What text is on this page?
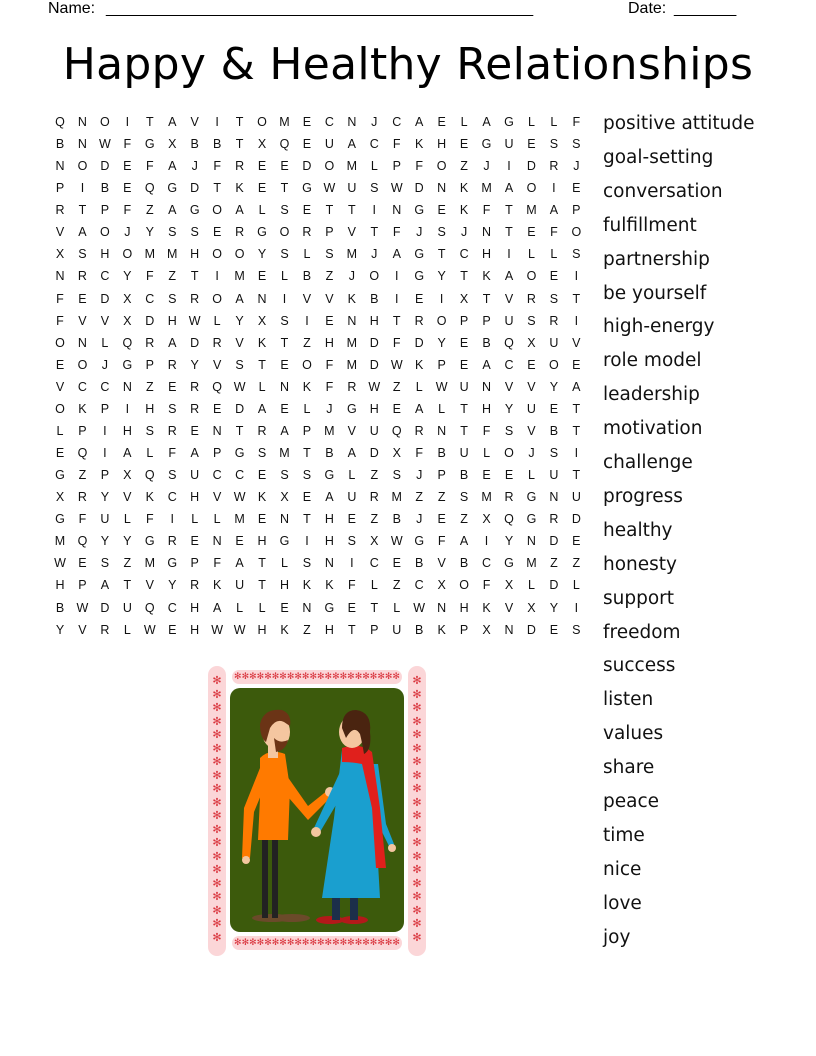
Name: ________________________________________________	Date: _______
Happy & Healthy Relationships
Q	N	O	I	T	A	V	I	T	O M	E	C	N	J	C	A	E	L	A	G	L	L	F
B	N W	F	G	X	B	B	T	X	Q	E	U	A	C	F	K	H	E	G	U	E	S	S
N	O	D	E	F	A	J	F	R	E	E	D	O M	L	P	F	O	Z	J	I	D	R	J
P	I	B	E	Q	G	D	T	K	E	T	G W U	S W D	N	K	M	A	O	I	E
R	T	P	F	Z	A	G	O	A	L	S	E	T	T	I	N	G	E	K	F	T	M	A	P
V	A	O	J	Y	S	S	E	R	G	O	R	P	V	T	F	J	S	J	N	T	E	F	O
X	S	H	O M M	H	O	O	Y	S	L	S	M	J	A	G	T	C	H	I	L	L	S
N	R	C	Y	F	Z	T	I	M	E	L	B	Z	J	O	I	G	Y	T	K	A	O	E	I
F	E	D	X	C	S	R	O	A	N	I	V	V	K	B	I	E	I	X	T	V	R	S	T
F	V	V	X	D	H W	L	Y	X	S	I	E	N	H	T	R	O	P	P	U	S	R	I
O	N	L	Q	R	A	D	R	V	K	T	Z	H	M	D	F	D	Y	E	B	Q	X	U	V
E	O	J	G	P	R	Y	V	S	T	E	O	F	M	D W K	P	E	A	C	E	O	E
V	C	C	N	Z	E	R	Q W	L	N	K	F	R W	Z	L	W U	N	V	V	Y	A
O	K	P	I	H	S	R	E	D	A	E	L	J	G	H	E	A	L	T	H	Y	U	E	T
L	P	I	H	S	R	E	N	T	R	A	P	M	V	U	Q	R	N	T	F	S	V	B	T
E	Q	I	A	L	F	A	P	G	S	M	T	B	A	D	X	F	B	U	L	O	J	S	I
G	Z	P	X	Q	S	U	C	C	E	S	S	G	L	Z	S	J	P	B	E	E	L	U	T
X	R	Y	V	K	C	H	V W K	X	E	A	U	R	M	Z	Z	S	M	R	G	N	U
G	F	U	L	F	I	L	L	M	E	N	T	H	E	Z	B	J	E	Z	X	Q	G	R	D
M Q	Y	Y	G	R	E	N	E	H	G	I	H	S	X W G	F	A	I	Y	N	D	E
W E	S	Z	M G	P	F	A	T	L	S	N	I	C	E	B	V	B	C	G M	Z	Z
H	P	A	T	V	Y	R	K	U	T	H	K	K	F	L	Z	C	X	O	F	X	L	D	L
B W D	U	Q	C	H	A	L	L	E	N	G	E	T	L	W N	H	K	V	X	Y	I
Y	V	R	L	W E	H W W H	K	Z	H	T	P	U	B	K	P	X	N	D	E	S
positive attitude
goal-setting
conversation
fulfillment
partnership
be yourself
high-energy
role model
leadership
motivation
challenge
progress
healthy
honesty
support
freedom
success
listen
values
share
peace
time
nice
love
joy
✻
✻
✻
✻
✻
✻
✻
✻
✻
✻
✻
✻
✻
✻
✻
✻
✻
✻
✻
✻
✻
✻
✻
✻
✻
✻
✻
✻
✻
✻
✻
✻
✻
✻
✻
✻
✻
✻
✻
✻
✻✻✻✻✻✻✻✻✻✻✻✻✻✻✻✻✻✻✻✻✻✻
✻✻✻✻✻✻✻✻✻✻✻✻✻✻✻✻✻✻✻✻✻✻
